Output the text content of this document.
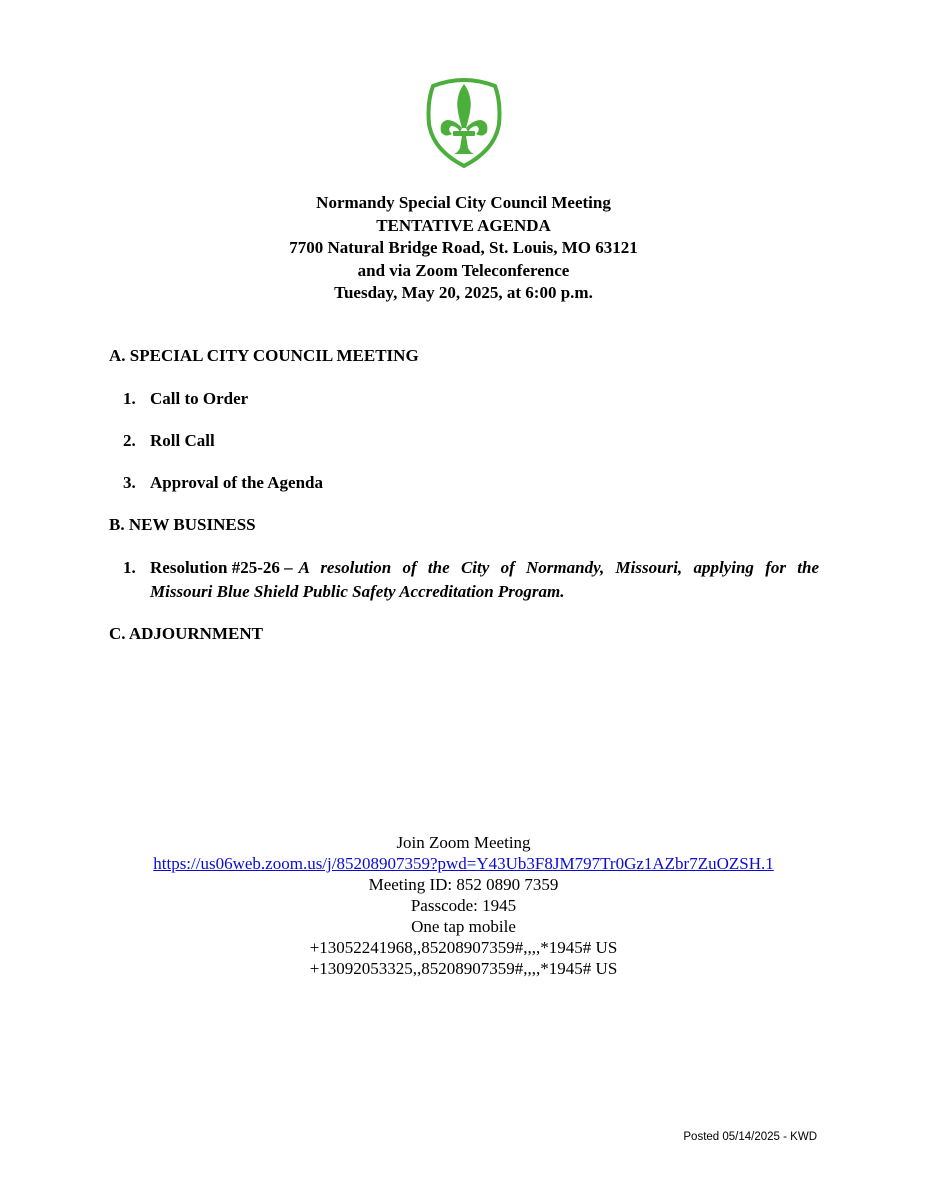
Normandy Special City Council Meeting
TENTATIVE AGENDA
7700 Natural Bridge Road, St. Louis, MO 63121
and via Zoom Teleconference
Tuesday, May 20, 2025, at 6:00 p.m.
A. SPECIAL CITY COUNCIL MEETING
1. Call to Order
2. Roll Call
3. Approval of the Agenda
B. NEW BUSINESS
1. Resolution #25-26 – A resolution of the City of Normandy, Missouri, applying for the
Missouri Blue Shield Public Safety Accreditation Program.
C. ADJOURNMENT
Join Zoom Meeting
https://us06web.zoom.us/j/85208907359?pwd=Y43Ub3F8JM797Tr0Gz1AZbr7ZuOZSH.1
Meeting ID: 852 0890 7359
Passcode: 1945
One tap mobile
+13052241968,,85208907359#,,,,*1945# US
+13092053325,,85208907359#,,,,*1945# US
Posted 05/14/2025 - KWD
